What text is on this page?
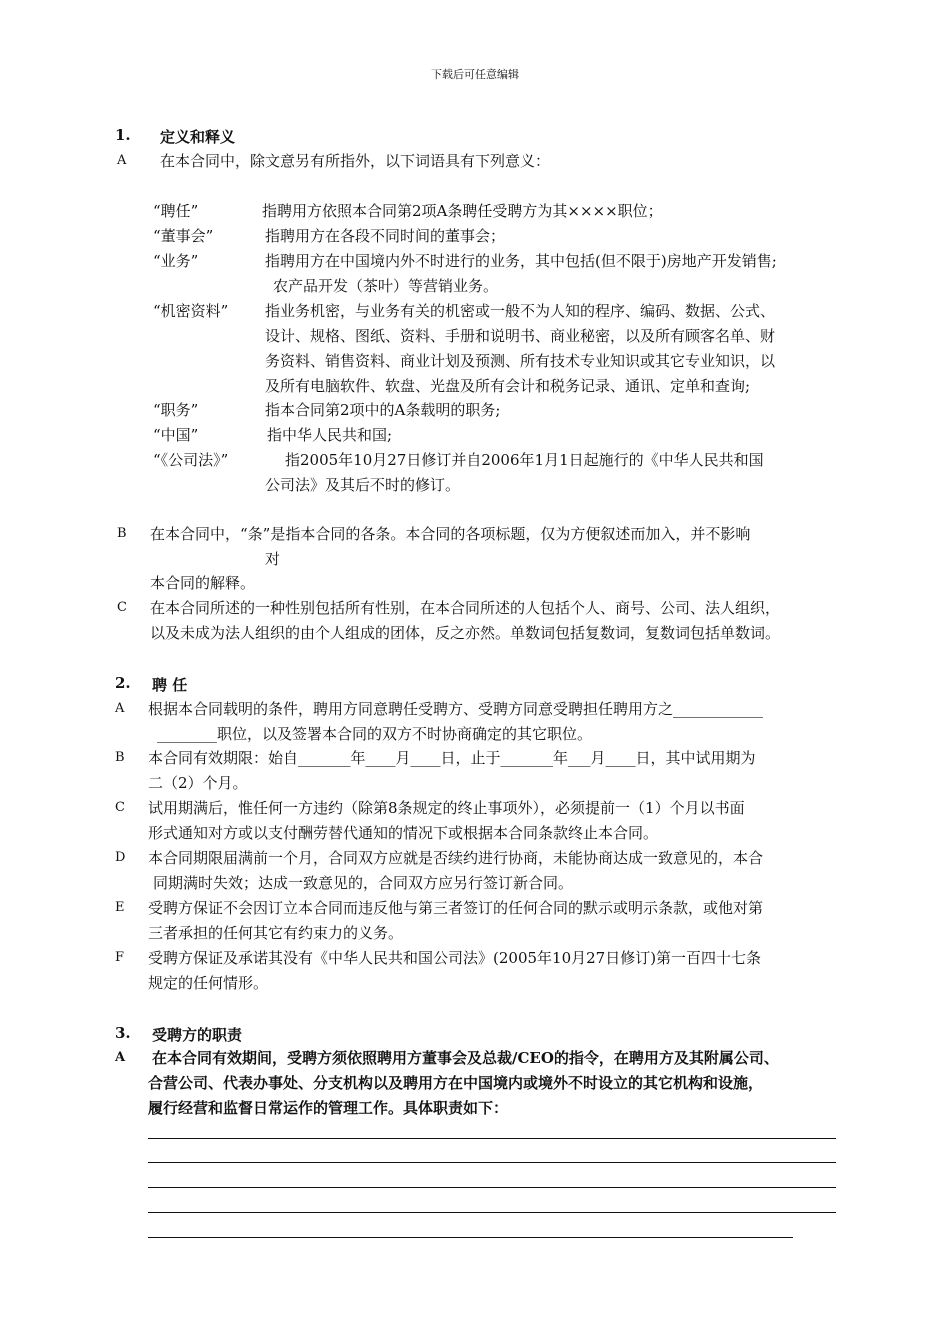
下载后可任意编辑
1. 定义和释义
A 在本合同中，除文意另有所指外，以下词语具有下列意义：
“聘任”	指聘用方依照本合同第2项A条聘任受聘方为其××××职位；
“董事会”	指聘用方在各段不同时间的董事会；
“业务”	指聘用方在中国境内外不时进行的业务，其中包括(但不限于)房地产开发销售;
农产品开发（茶叶）等营销业务。
“机密资料” 指业务机密，与业务有关的机密或一般不为人知的程序、编码、数据、公式、
设计、规格、图纸、资料、手册和说明书、商业秘密，以及所有顾客名单、财
务资料、销售资料、商业计划及预测、所有技术专业知识或其它专业知识，以
及所有电脑软件、软盘、光盘及所有会计和税务记录、通讯、定单和查询;
“职务”	指本合同第2项中的A条载明的职务;
“中国”	指中华人民共和国;
“《公司法》”	指2005年10月27日修订并自2006年1月1日起施行的《中华人民共和国
公司法》及其后不时的修订。
B 在本合同中，“条”是指本合同的各条。本合同的各项标题，仅为方便叙述而加入，并不影响
对
本合同的解释。
C 在本合同所述的一种性别包括所有性别，在本合同所述的人包括个人、商号、公司、法人组织，
以及未成为法人组织的由个人组成的团体，反之亦然。单数词包括复数词，复数词包括单数词。
2. 聘 任
A 根据本合同载明的条件，聘用方同意聘任受聘方、受聘方同意受聘担任聘用方之____________
________职位，以及签署本合同的双方不时协商确定的其它职位。
B 本合同有效期限：始自_______年____月____日，止于_______年___月____日，其中试用期为
二（2）个月。
C 试用期满后，惟任何一方违约（除第8条规定的终止事项外），必须提前一（1）个月以书面
形式通知对方或以支付酬劳替代通知的情况下或根据本合同条款终止本合同。
D 本合同期限届满前一个月，合同双方应就是否续约进行协商，未能协商达成一致意见的，本合
同期满时失效；达成一致意见的，合同双方应另行签订新合同。
E 受聘方保证不会因订立本合同而违反他与第三者签订的任何合同的默示或明示条款，或他对第
三者承担的任何其它有约束力的义务。
F 受聘方保证及承诺其没有《中华人民共和国公司法》(2005年10月27日修订)第一百四十七条
规定的任何情形。
3. 受聘方的职责
A 在本合同有效期间，受聘方须依照聘用方董事会及总裁/CEO的指令，在聘用方及其附属公司、
合营公司、代表办事处、分支机构以及聘用方在中国境内或境外不时设立的其它机构和设施，
履行经营和监督日常运作的管理工作。具体职责如下：
